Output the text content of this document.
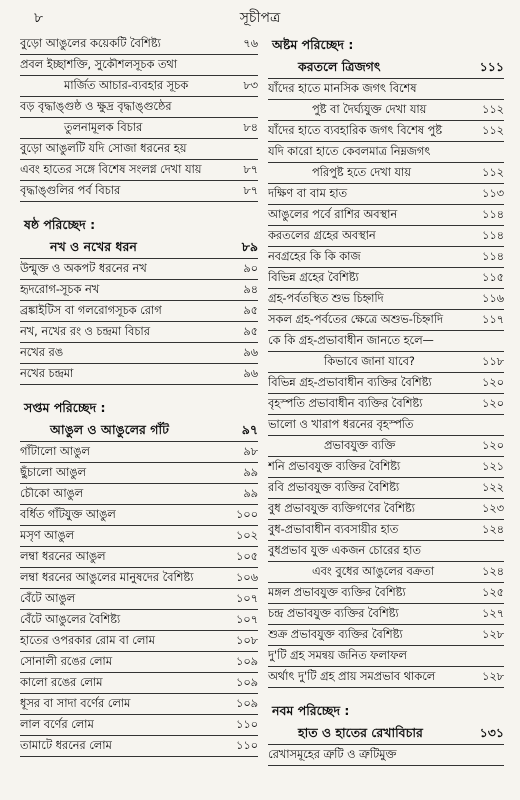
৮	সূচীপত্র
বুড়ো আঙুলের কয়েকটি বৈশিষ্ট্য	৭৬
প্রবল ইচ্ছাশক্তি, সুকৌশলসূচক তথা
মার্জিত আচার-ব্যবহার সূচক	৮৩
বড় বৃদ্ধাঙ্গুষ্ঠ ও ক্ষুদ্র বৃদ্ধাঙ্গুষ্ঠের
তুলনামূলক বিচার	৮৪
বুড়ো আঙুলটি যদি সোজা ধরনের হয়
এবং হাতের সঙ্গে বিশেষ সংলগ্ন দেখা যায়	৮৭
বৃদ্ধাঙ্গুলির পর্ব বিচার	৮৭
ষষ্ঠ পরিচ্ছেদ :
নখ ও নখের ধরন	৮৯
উন্মুক্ত ও অকপট ধরনের নখ	৯০
হৃদরোগ-সূচক নখ	৯৪
ব্রঙ্কাইটিস বা গলরোগসূচক রোগ	৯৫
নখ, নখের রং ও চন্দ্রমা বিচার	৯৫
নখের রঙ	৯৬
নখের চন্দ্রমা	৯৬
সপ্তম পরিচ্ছেদ :
আঙুল ও আঙুলের গাঁট	৯৭
গাঁটালো আঙুল	৯৮
ছুঁচালো আঙুল	৯৯
চৌকো আঙুল	৯৯
বর্ধিত গাঁটযুক্ত আঙুল	১০০
মসৃণ আঙুল	১০২
লম্বা ধরনের আঙুল	১০৫
লম্বা ধরনের আঙুলের মানুষদের বৈশিষ্ট্য	১০৬
বেঁটে আঙুল	১০৭
বেঁটে আঙুলের বৈশিষ্ট্য	১০৭
হাতের ওপরকার রোম বা লোম	১০৮
সোনালী রঙের লোম	১০৯
কালো রঙের লোম	১০৯
ধূসর বা সাদা বর্ণের লোম	১০৯
লাল বর্ণের লোম	১১০
তামাটে ধরনের লোম	১১০
অষ্টম পরিচ্ছেদ :
করতলে ত্রিজগৎ	১১১
যাঁদের হাতে মানসিক জগৎ বিশেষ
পুষ্ট বা দৈর্ঘ্যযুক্ত দেখা যায়	১১২
যাঁদের হাতে ব্যবহারিক জগৎ বিশেষ পুষ্ট	১১২
যদি কারো হাতে কেবলমাত্র নিম্নজগৎ
পরিপুষ্ট হতে দেখা যায়	১১২
দক্ষিণ বা বাম হাত	১১৩
আঙুলের পর্বে রাশির অবস্থান	১১৪
করতলের গ্রহের অবস্থান	১১৪
নবগ্রহের কি কি কাজ	১১৪
বিভিন্ন গ্রহের বৈশিষ্ট্য	১১৫
গ্রহ-পর্বতস্থিত শুভ চিহ্নাদি	১১৬
সকল গ্রহ-পর্বতের ক্ষেত্রে অশুভ-চিহ্নাদি	১১৭
কে কি গ্রহ-প্রভাবাধীন জানতে হলে—
কিভাবে জানা যাবে?	১১৮
বিভিন্ন গ্রহ-প্রভাবাধীন ব্যক্তির বৈশিষ্ট্য	১২০
বৃহস্পতি প্রভাবাধীন ব্যক্তির বৈশিষ্ট্য	১২০
ভালো ও খারাপ ধরনের বৃহস্পতি
প্রভাবযুক্ত ব্যক্তি	১২০
শনি প্রভাবযুক্ত ব্যক্তির বৈশিষ্ট্য	১২১
রবি প্রভাবযুক্ত ব্যক্তির বৈশিষ্ট্য	১২২
বুধ প্রভাবযুক্ত ব্যক্তিগণের বৈশিষ্ট্য	১২৩
বুধ-প্রভাবাধীন ব্যবসায়ীর হাত	১২৪
বুধপ্রভাব যুক্ত একজন চোরের হাত
এবং বুধের আঙুলের বক্রতা	১২৪
মঙ্গল প্রভাবযুক্ত ব্যক্তির বৈশিষ্ট্য	১২৫
চন্দ্র প্রভাবযুক্ত ব্যক্তির বৈশিষ্ট্য	১২৭
শুক্র প্রভাবযুক্ত ব্যক্তির বৈশিষ্ট্য	১২৮
দু'টি গ্রহ সমন্বয় জনিত ফলাফল
অর্থাৎ দু'টি গ্রহ প্রায় সমপ্রভাব থাকলে	১২৮
নবম পরিচ্ছেদ :
হাত ও হাতের রেখাবিচার	১৩১
রেখাসমূহের ত্রুটি ও ত্রুটিমুক্ত
